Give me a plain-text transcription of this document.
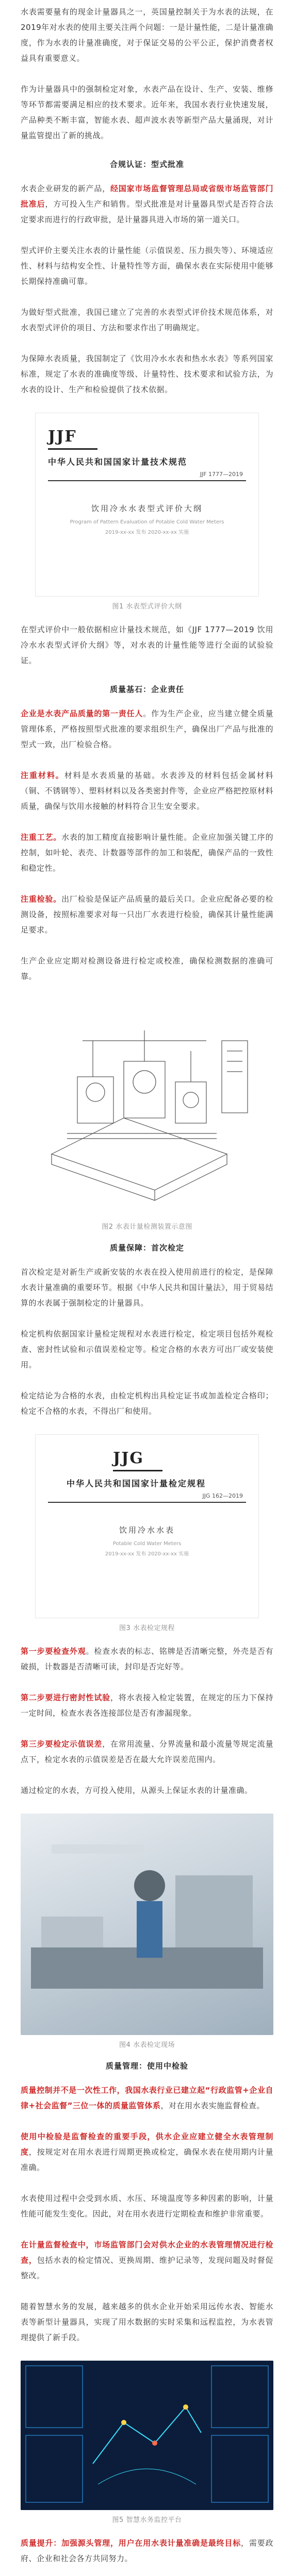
水表需要量有的现金计量器具之一，英国量控制关于为水表的法规，在2019年对水表的使用主要关注两个问题：一是计量性能，二是计量准确度，作为水表的计量准确度，对于保证交易的公平公正，保护消费者权益具有重要意义。

作为计量器具中的强制检定对象，水表产品在设计、生产、安装、维修等环节都需要满足相应的技术要求。近年来，我国水表行业快速发展，产品种类不断丰富，智能水表、超声波水表等新型产品大量涌现，对计量监管提出了新的挑战。

合规认证：型式批准

水表企业研发的新产品，经国家市场监督管理总局或省级市场监管部门批准后，方可投入生产和销售。型式批准是对计量器具型式是否符合法定要求而进行的行政审批，是计量器具进入市场的第一道关口。

型式评价主要关注水表的计量性能（示值误差、压力损失等）、环境适应性、材料与结构安全性、计量特性等方面，确保水表在实际使用中能够长期保持准确可靠。

为做好型式批准，我国已建立了完善的水表型式评价技术规范体系，对水表型式评价的项目、方法和要求作出了明确规定。

为保障水表质量，我国制定了《饮用冷水水表和热水水表》等系列国家标准，规定了水表的准确度等级、计量特性、技术要求和试验方法，为水表的设计、生产和检验提供了技术依据。

JJF
中华人民共和国国家计量技术规范
JJF 1777—2019
饮用冷水水表型式评价大纲
Program of Pattern Evaluation of Potable Cold Water Meters
2019-xx-xx 发布 2020-xx-xx 实施
图1 水表型式评价大纲

在型式评价中一般依据相应计量技术规范，如《JJF 1777—2019 饮用冷水水表型式评价大纲》等，对水表的计量性能等进行全面的试验验证。

质量基石：企业责任

企业是水表产品质量的第一责任人。作为生产企业，应当建立健全质量管理体系，严格按照型式批准的要求组织生产，确保出厂产品与批准的型式一致，出厂检验合格。

注重材料。材料是水表质量的基础。水表涉及的材料包括金属材料（铜、不锈钢等）、塑料材料以及各类密封件等，企业应严格把控原材料质量，确保与饮用水接触的材料符合卫生安全要求。

注重工艺。水表的加工精度直接影响计量性能。企业应加强关键工序的控制，如叶轮、表壳、计数器等部件的加工和装配，确保产品的一致性和稳定性。

注重检验。出厂检验是保证产品质量的最后关口。企业应配备必要的检测设备，按照标准要求对每一只出厂水表进行检验，确保其计量性能满足要求。

生产企业应定期对检测设备进行检定或校准，确保检测数据的准确可靠。

图2 水表计量检测装置示意图
质量保障：首次检定

首次检定是对新生产或新安装的水表在投入使用前进行的检定，是保障水表计量准确的重要环节。根据《中华人民共和国计量法》，用于贸易结算的水表属于强制检定的计量器具。

检定机构依据国家计量检定规程对水表进行检定，检定项目包括外观检查、密封性试验和示值误差检定等。检定合格的水表方可出厂或安装使用。

检定结论为合格的水表，由检定机构出具检定证书或加盖检定合格印；检定不合格的水表，不得出厂和使用。

JJG
中华人民共和国国家计量检定规程
JJG 162—2019
饮用冷水水表
Potable Cold Water Meters
2019-xx-xx 发布 2020-xx-xx 实施
图3 水表检定规程

第一步要检查外观。检查水表的标志、铭牌是否清晰完整，外壳是否有破损，计数器是否清晰可读，封印是否完好等。

第二步要进行密封性试验，将水表接入检定装置，在规定的压力下保持一定时间，检查水表各连接部位是否有渗漏现象。

第三步要检定示值误差，在常用流量、分界流量和最小流量等规定流量点下，检定水表的示值误差是否在最大允许误差范围内。

通过检定的水表，方可投入使用，从源头上保证水表的计量准确。

图4 水表检定现场
质量管理：使用中检验

质量控制并不是一次性工作，我国水表行业已建立起“行政监管+企业自律+社会监督”三位一体的质量监管体系，对在用水表实施监督检查。

使用中检验是监督检查的重要手段，供水企业应建立健全水表管理制度，按规定对在用水表进行周期更换或检定，确保水表在使用期内计量准确。

水表使用过程中会受到水质、水压、环境温度等多种因素的影响，计量性能可能发生变化。因此，对在用水表进行定期检查和维护非常重要。

在计量监督检查中，市场监管部门会对供水企业的水表管理情况进行检查，包括水表的检定情况、更换周期、维护记录等，发现问题及时督促整改。

随着智慧水务的发展，越来越多的供水企业开始采用远传水表、智能水表等新型计量器具，实现了用水数据的实时采集和远程监控，为水表管理提供了新手段。

图5 智慧水务监控平台

质量提升：加强源头管理，用户在用水表计量准确是最终目标，需要政府、企业和社会各方共同努力。
